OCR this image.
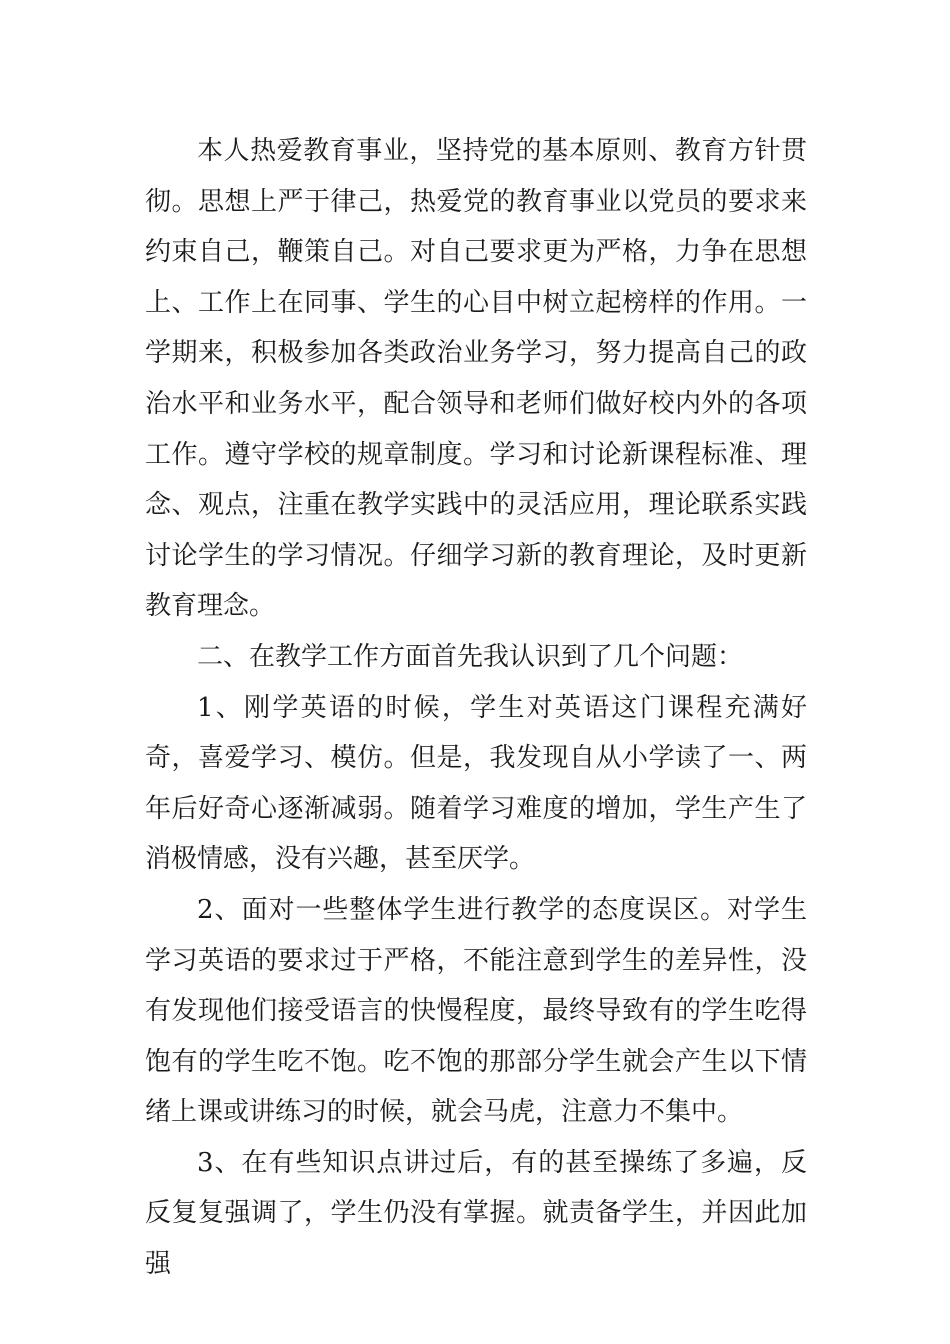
本人热爱教育事业，坚持党的基本原则、教育方针贯彻。思想上严于律己，热爱党的教育事业以党员的要求来约束自己，鞭策自己。对自己要求更为严格，力争在思想上、工作上在同事、学生的心目中树立起榜样的作用。一学期来，积极参加各类政治业务学习，努力提高自己的政治水平和业务水平，配合领导和老师们做好校内外的各项工作。遵守学校的规章制度。学习和讨论新课程标准、理念、观点，注重在教学实践中的灵活应用，理论联系实践讨论学生的学习情况。仔细学习新的教育理论，及时更新教育理念。

二、在教学工作方面首先我认识到了几个问题：

1、刚学英语的时候，学生对英语这门课程充满好奇，喜爱学习、模仿。但是，我发现自从小学读了一、两年后好奇心逐渐减弱。随着学习难度的增加，学生产生了消极情感，没有兴趣，甚至厌学。

2、面对一些整体学生进行教学的态度误区。对学生学习英语的要求过于严格，不能注意到学生的差异性，没有发现他们接受语言的快慢程度，最终导致有的学生吃得饱有的学生吃不饱。吃不饱的那部分学生就会产生以下情绪上课或讲练习的时候，就会马虎，注意力不集中。

3、在有些知识点讲过后，有的甚至操练了多遍，反反复复强调了，学生仍没有掌握。就责备学生，并因此加强
